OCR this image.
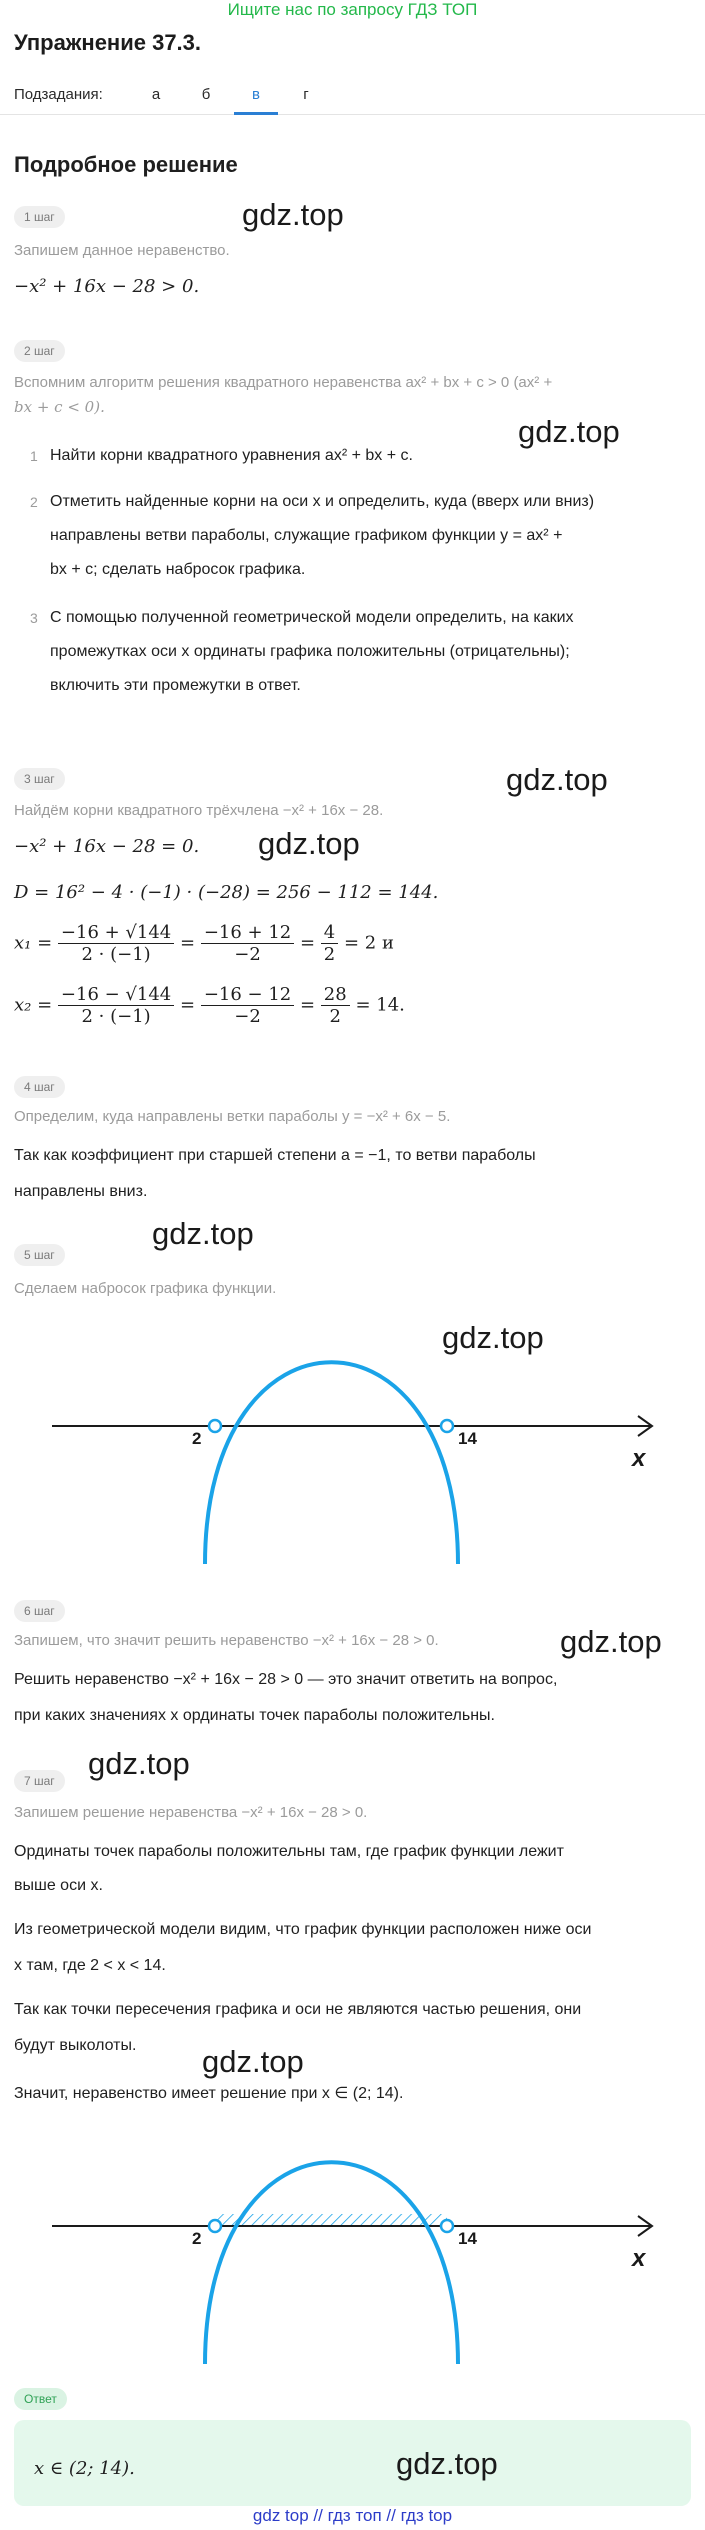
Ищите нас по запросу ГДЗ ТОП
Упражнение 37.3.
Подзадания:	а	б	в	г
Подробное решение
1 шаг	gdz.top
Запишем данное неравенство.
−x² + 16x − 28 > 0.
2 шаг
Вспомним алгоритм решения квадратного неравенства ax² + bx + c > 0 (ax² +
bx + c < 0).
gdz.top
1 Найти корни квадратного уравнения ax² + bx + c.
2 Отметить найденные корни на оси x и определить, куда (вверх или вниз)
направлены ветви параболы, служащие графиком функции y = ax² +
bx + c; сделать набросок графика.
3 С помощью полученной геометрической модели определить, на каких
промежутках оси x ординаты графика положительны (отрицательны);
включить эти промежутки в ответ.
3 шаг	gdz.top
Найдём корни квадратного трёхчлена −x² + 16x − 28.
−x² + 16x − 28 = 0. gdz.top
D = 16² − 4 · (−1) · (−28) = 256 − 112 = 144.
$x_1 = \frac{-16 + √144}{2 \cdot (-1)} = \frac{-16 + 12}{-2} = \frac{4}{2} = 2$ и
$x_2 = \frac{-16 - √144}{2 \cdot (-1)} = \frac{-16 - 12}{-2} = \frac{28}{2} = 14$.
4 шаг
Определим, куда направлены ветки параболы y = −x² + 6x − 5.
Так как коэффициент при старшей степени a = −1, то ветви параболы
направлены вниз.
5 шаг
gdz.top
Сделаем набросок графика функции.
gdz.top
2	14
x
6 шаг
Запишем, что значит решить неравенство −x² + 16x − 28 > 0.	gdz.top
Решить неравенство −x² + 16x − 28 > 0 — это значит ответить на вопрос,
при каких значениях x ординаты точек параболы положительны.
7 шаг	gdz.top
Запишем решение неравенства −x² + 16x − 28 > 0.
Ординаты точек параболы положительны там, где график функции лежит
выше оси x.
Из геометрической модели видим, что график функции расположен ниже оси
x там, где 2 < x < 14.
Так как точки пересечения графика и оси не являются частью решения, они
будут выколоты. gdz.top
Значит, неравенство имеет решение при x ∈ (2; 14).
2	14
x
Ответ
x ∈ (2; 14).	gdz.top
gdz top // гдз топ // гдз top
